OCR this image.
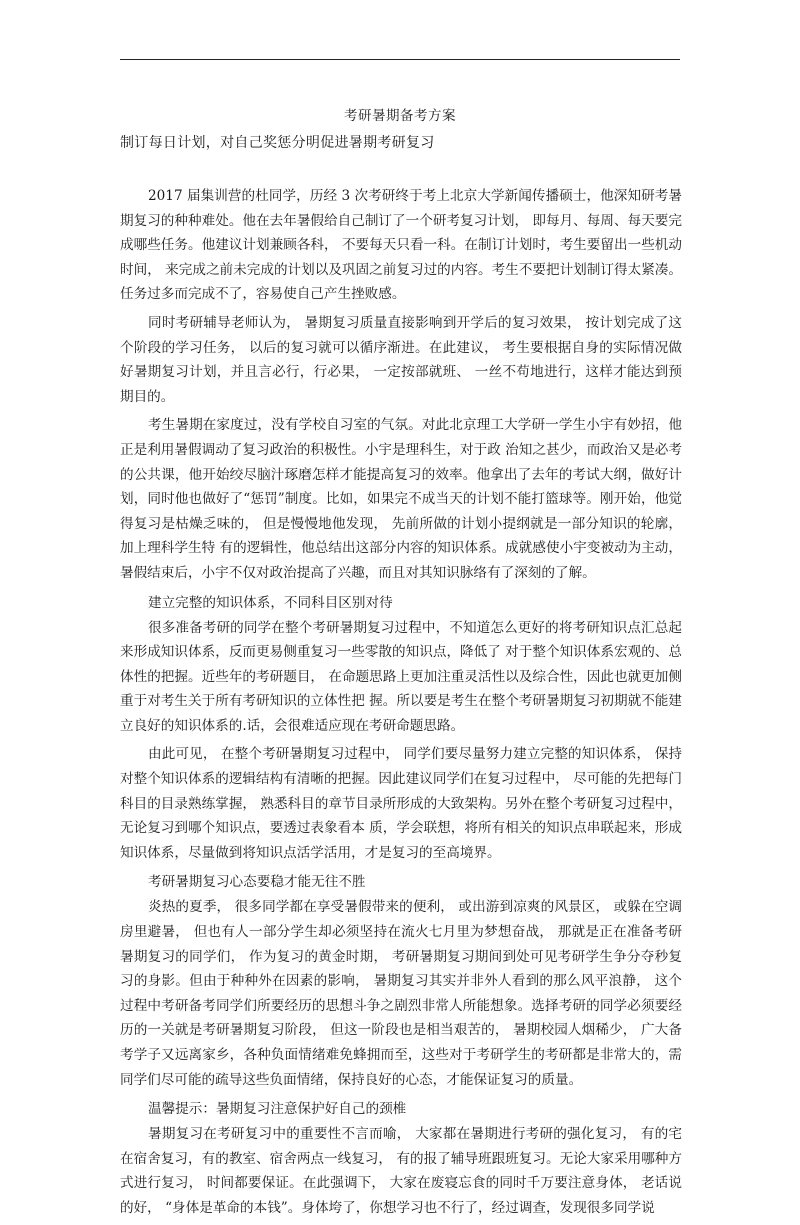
考研暑期备考方案
制订每日计划，对自己奖惩分明促进暑期考研复习

2017 届集训营的杜同学，历经 3 次考研终于考上北京大学新闻传播硕士，他深知研考暑期复习的种种难处。他在去年暑假给自己制订了一个研考复习计划， 即每月、每周、每天要完成哪些任务。他建议计划兼顾各科， 不要每天只看一科。在制订计划时，考生要留出一些机动时间， 来完成之前未完成的计划以及巩固之前复习过的内容。考生不要把计划制订得太紧凑。任务过多而完成不了，容易使自己产生挫败感。

同时考研辅导老师认为， 暑期复习质量直接影响到开学后的复习效果， 按计划完成了这个阶段的学习任务， 以后的复习就可以循序渐进。在此建议， 考生要根据自身的实际情况做好暑期复习计划，并且言必行，行必果， 一定按部就班、 一丝不苟地进行，这样才能达到预期目的。

考生暑期在家度过，没有学校自习室的气氛。对此北京理工大学研一学生小宇有妙招，他正是利用暑假调动了复习政治的积极性。小宇是理科生，对于政 治知之甚少，而政治又是必考的公共课，他开始绞尽脑汁琢磨怎样才能提高复习的效率。他拿出了去年的考试大纲，做好计划，同时他也做好了“惩罚”制度。比如，如果完不成当天的计划不能打篮球等。刚开始，他觉得复习是枯燥乏味的， 但是慢慢地他发现， 先前所做的计划小提纲就是一部分知识的轮廓，加上理科学生特 有的逻辑性，他总结出这部分内容的知识体系。成就感使小宇变被动为主动，暑假结束后，小宇不仅对政治提高了兴趣，而且对其知识脉络有了深刻的了解。

建立完整的知识体系，不同科目区别对待

很多准备考研的同学在整个考研暑期复习过程中，不知道怎么更好的将考研知识点汇总起来形成知识体系，反而更易侧重复习一些零散的知识点，降低了 对于整个知识体系宏观的、总体性的把握。近些年的考研题目， 在命题思路上更加注重灵活性以及综合性，因此也就更加侧重于对考生关于所有考研知识的立体性把 握。所以要是考生在整个考研暑期复习初期就不能建立良好的知识体系的.话，会很难适应现在考研命题思路。

由此可见， 在整个考研暑期复习过程中， 同学们要尽量努力建立完整的知识体系， 保持对整个知识体系的逻辑结构有清晰的把握。因此建议同学们在复习过程中， 尽可能的先把每门科目的目录熟练掌握， 熟悉科目的章节目录所形成的大致架构。另外在整个考研复习过程中，无论复习到哪个知识点，要透过表象看本 质，学会联想，将所有相关的知识点串联起来，形成知识体系，尽量做到将知识点活学活用，才是复习的至高境界。

考研暑期复习心态要稳才能无往不胜

炎热的夏季， 很多同学都在享受暑假带来的便利， 或出游到凉爽的风景区， 或躲在空调房里避暑， 但也有人一部分学生却必须坚持在流火七月里为梦想奋战， 那就是正在准备考研暑期复习的同学们， 作为复习的黄金时期， 考研暑期复习期间到处可见考研学生争分夺秒复习的身影。但由于种种外在因素的影响， 暑期复习其实并非外人看到的那么风平浪静， 这个过程中考研备考同学们所要经历的思想斗争之剧烈非常人所能想象。选择考研的同学必须要经历的一关就是考研暑期复习阶段， 但这一阶段也是相当艰苦的， 暑期校园人烟稀少， 广大备考学子又远离家乡，各种负面情绪难免蜂拥而至，这些对于考研学生的考研都是非常大的，需同学们尽可能的疏导这些负面情绪，保持良好的心态，才能保证复习的质量。

温馨提示：暑期复习注意保护好自己的颈椎

暑期复习在考研复习中的重要性不言而喻， 大家都在暑期进行考研的强化复习， 有的宅在宿舍复习，有的教室、宿舍两点一线复习， 有的报了辅导班跟班复习。无论大家采用哪种方式进行复习， 时间都要保证。在此强调下， 大家在废寝忘食的同时千万要注意身体， 老话说的好， “身体是革命的本钱”。身体垮了，你想学习也不行了，经过调查，发现很多同学说
